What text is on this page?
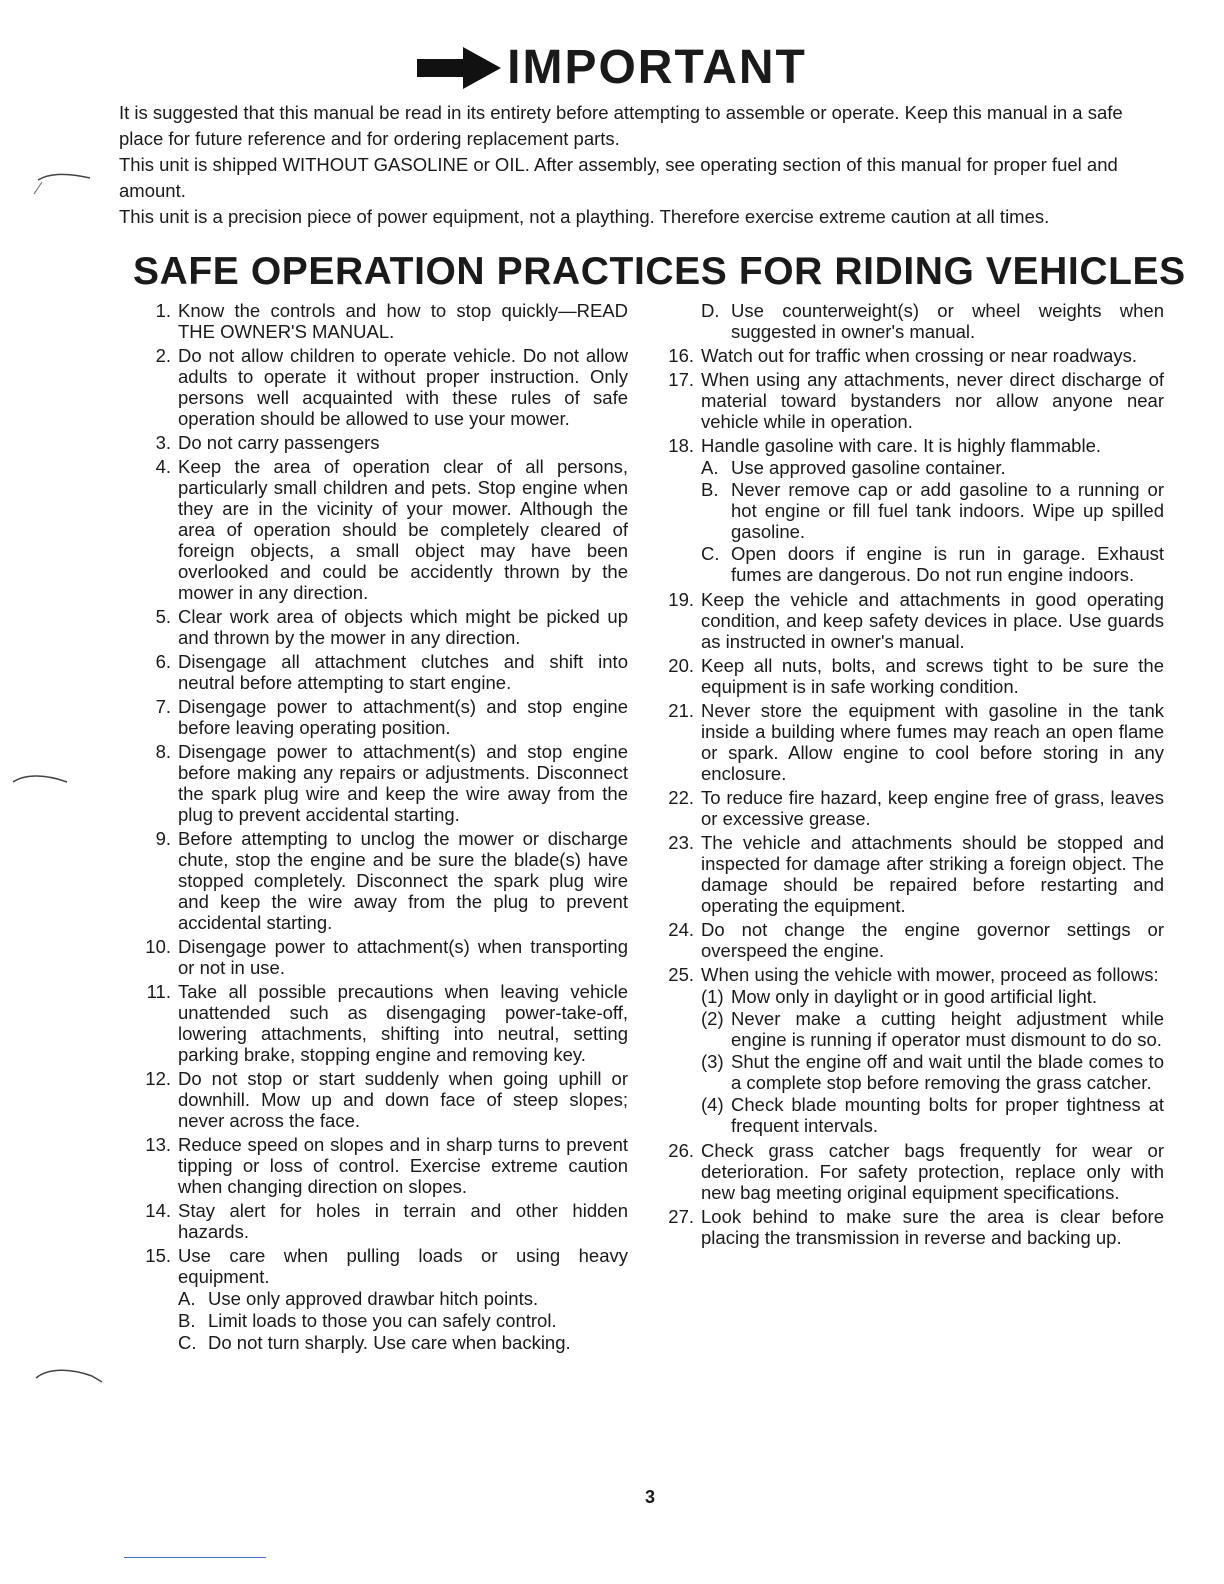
IMPORTANT

It is suggested that this manual be read in its entirety before attempting to assemble or operate. Keep this manual in a safe place for future reference and for ordering replacement parts.

This unit is shipped WITHOUT GASOLINE or OIL. After assembly, see operating section of this manual for proper fuel and amount.

This unit is a precision piece of power equipment, not a plaything. Therefore exercise extreme caution at all times.

SAFE OPERATION PRACTICES FOR RIDING VEHICLES
1. Know the controls and how to stop quickly—READ THE OWNER'S MANUAL.
2. Do not allow children to operate vehicle. Do not allow adults to operate it without proper instruction. Only persons well acquainted with these rules of safe operation should be allowed to use your mower.
3. Do not carry passengers
4. Keep the area of operation clear of all persons, particularly small children and pets. Stop engine when they are in the vicinity of your mower. Although the area of operation should be completely cleared of foreign objects, a small object may have been overlooked and could be accidently thrown by the mower in any direction.
5. Clear work area of objects which might be picked up and thrown by the mower in any direction.
6. Disengage all attachment clutches and shift into neutral before attempting to start engine.
7. Disengage power to attachment(s) and stop engine before leaving operating position.
8. Disengage power to attachment(s) and stop engine before making any repairs or adjustments. Disconnect the spark plug wire and keep the wire away from the plug to prevent accidental starting.
9. Before attempting to unclog the mower or discharge chute, stop the engine and be sure the blade(s) have stopped completely. Disconnect the spark plug wire and keep the wire away from the plug to prevent accidental starting.
10. Disengage power to attachment(s) when transporting or not in use.
11. Take all possible precautions when leaving vehicle unattended such as disengaging power-take-off, lowering attachments, shifting into neutral, setting parking brake, stopping engine and removing key.
12. Do not stop or start suddenly when going uphill or downhill. Mow up and down face of steep slopes; never across the face.
13. Reduce speed on slopes and in sharp turns to prevent tipping or loss of control. Exercise extreme caution when changing direction on slopes.
14. Stay alert for holes in terrain and other hidden hazards.
15. Use care when pulling loads or using heavy equipment.
A. Use only approved drawbar hitch points.
B. Limit loads to those you can safely control.
C. Do not turn sharply. Use care when backing.
D. Use counterweight(s) or wheel weights when suggested in owner's manual.
16. Watch out for traffic when crossing or near roadways.
17. When using any attachments, never direct discharge of material toward bystanders nor allow anyone near vehicle while in operation.
18. Handle gasoline with care. It is highly flammable.
A. Use approved gasoline container.
B. Never remove cap or add gasoline to a running or hot engine or fill fuel tank indoors. Wipe up spilled gasoline.
C. Open doors if engine is run in garage. Exhaust fumes are dangerous. Do not run engine indoors.
19. Keep the vehicle and attachments in good operating condition, and keep safety devices in place. Use guards as instructed in owner's manual.
20. Keep all nuts, bolts, and screws tight to be sure the equipment is in safe working condition.
21. Never store the equipment with gasoline in the tank inside a building where fumes may reach an open flame or spark. Allow engine to cool before storing in any enclosure.
22. To reduce fire hazard, keep engine free of grass, leaves or excessive grease.
23. The vehicle and attachments should be stopped and inspected for damage after striking a foreign object. The damage should be repaired before restarting and operating the equipment.
24. Do not change the engine governor settings or overspeed the engine.
25. When using the vehicle with mower, proceed as follows:
(1) Mow only in daylight or in good artificial light.
(2) Never make a cutting height adjustment while engine is running if operator must dismount to do so.
(3) Shut the engine off and wait until the blade comes to a complete stop before removing the grass catcher.
(4) Check blade mounting bolts for proper tightness at frequent intervals.
26. Check grass catcher bags frequently for wear or deterioration. For safety protection, replace only with new bag meeting original equipment specifications.
27. Look behind to make sure the area is clear before placing the transmission in reverse and backing up.
3
